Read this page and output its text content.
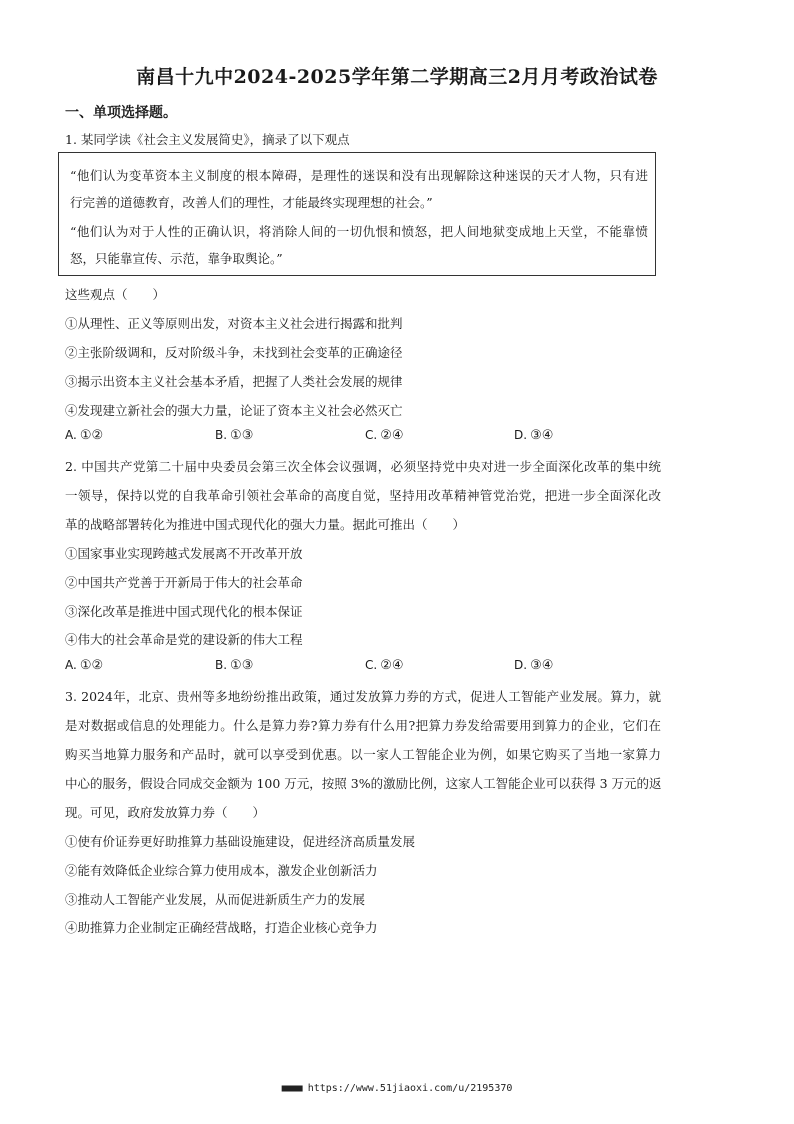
南昌十九中2024-2025学年第二学期高三2月月考政治试卷
一、单项选择题。
1. 某同学读《社会主义发展简史》，摘录了以下观点
“他们认为变革资本主义制度的根本障碍，是理性的迷误和没有出现解除这种迷误的天才人物，只有进
行完善的道德教育，改善人们的理性，才能最终实现理想的社会。”
“他们认为对于人性的正确认识，将消除人间的一切仇恨和愤怒，把人间地狱变成地上天堂，不能靠愤
怒，只能靠宣传、示范，靠争取舆论。”
这些观点（　　）
①从理性、正义等原则出发，对资本主义社会进行揭露和批判
②主张阶级调和，反对阶级斗争，未找到社会变革的正确途径
③揭示出资本主义社会基本矛盾，把握了人类社会发展的规律
④发现建立新社会的强大力量，论证了资本主义社会必然灭亡
A. ①②	B. ①③	C. ②④	D. ③④
2. 中国共产党第二十届中央委员会第三次全体会议强调，必须坚持党中央对进一步全面深化改革的集中统
一领导，保持以党的自我革命引领社会革命的高度自觉，坚持用改革精神管党治党，把进一步全面深化改
革的战略部署转化为推进中国式现代化的强大力量。据此可推出（　　）
①国家事业实现跨越式发展离不开改革开放
②中国共产党善于开新局于伟大的社会革命
③深化改革是推进中国式现代化的根本保证
④伟大的社会革命是党的建设新的伟大工程
A. ①②	B. ①③	C. ②④	D. ③④
3. 2024年，北京、贵州等多地纷纷推出政策，通过发放算力券的方式，促进人工智能产业发展。算力，就
是对数据或信息的处理能力。什么是算力券?算力券有什么用?把算力券发给需要用到算力的企业，它们在
购买当地算力服务和产品时，就可以享受到优惠。以一家人工智能企业为例，如果它购买了当地一家算力
中心的服务，假设合同成交金额为 100 万元，按照 3%的激励比例，这家人工智能企业可以获得 3 万元的返
现。可见，政府发放算力券（　　）
①使有价证券更好助推算力基础设施建设，促进经济高质量发展
②能有效降低企业综合算力使用成本，激发企业创新活力
③推动人工智能产业发展，从而促进新质生产力的发展
④助推算力企业制定正确经营战略，打造企业核心竞争力
■■■■ https://www.51jiaoxi.com/u/2195370
